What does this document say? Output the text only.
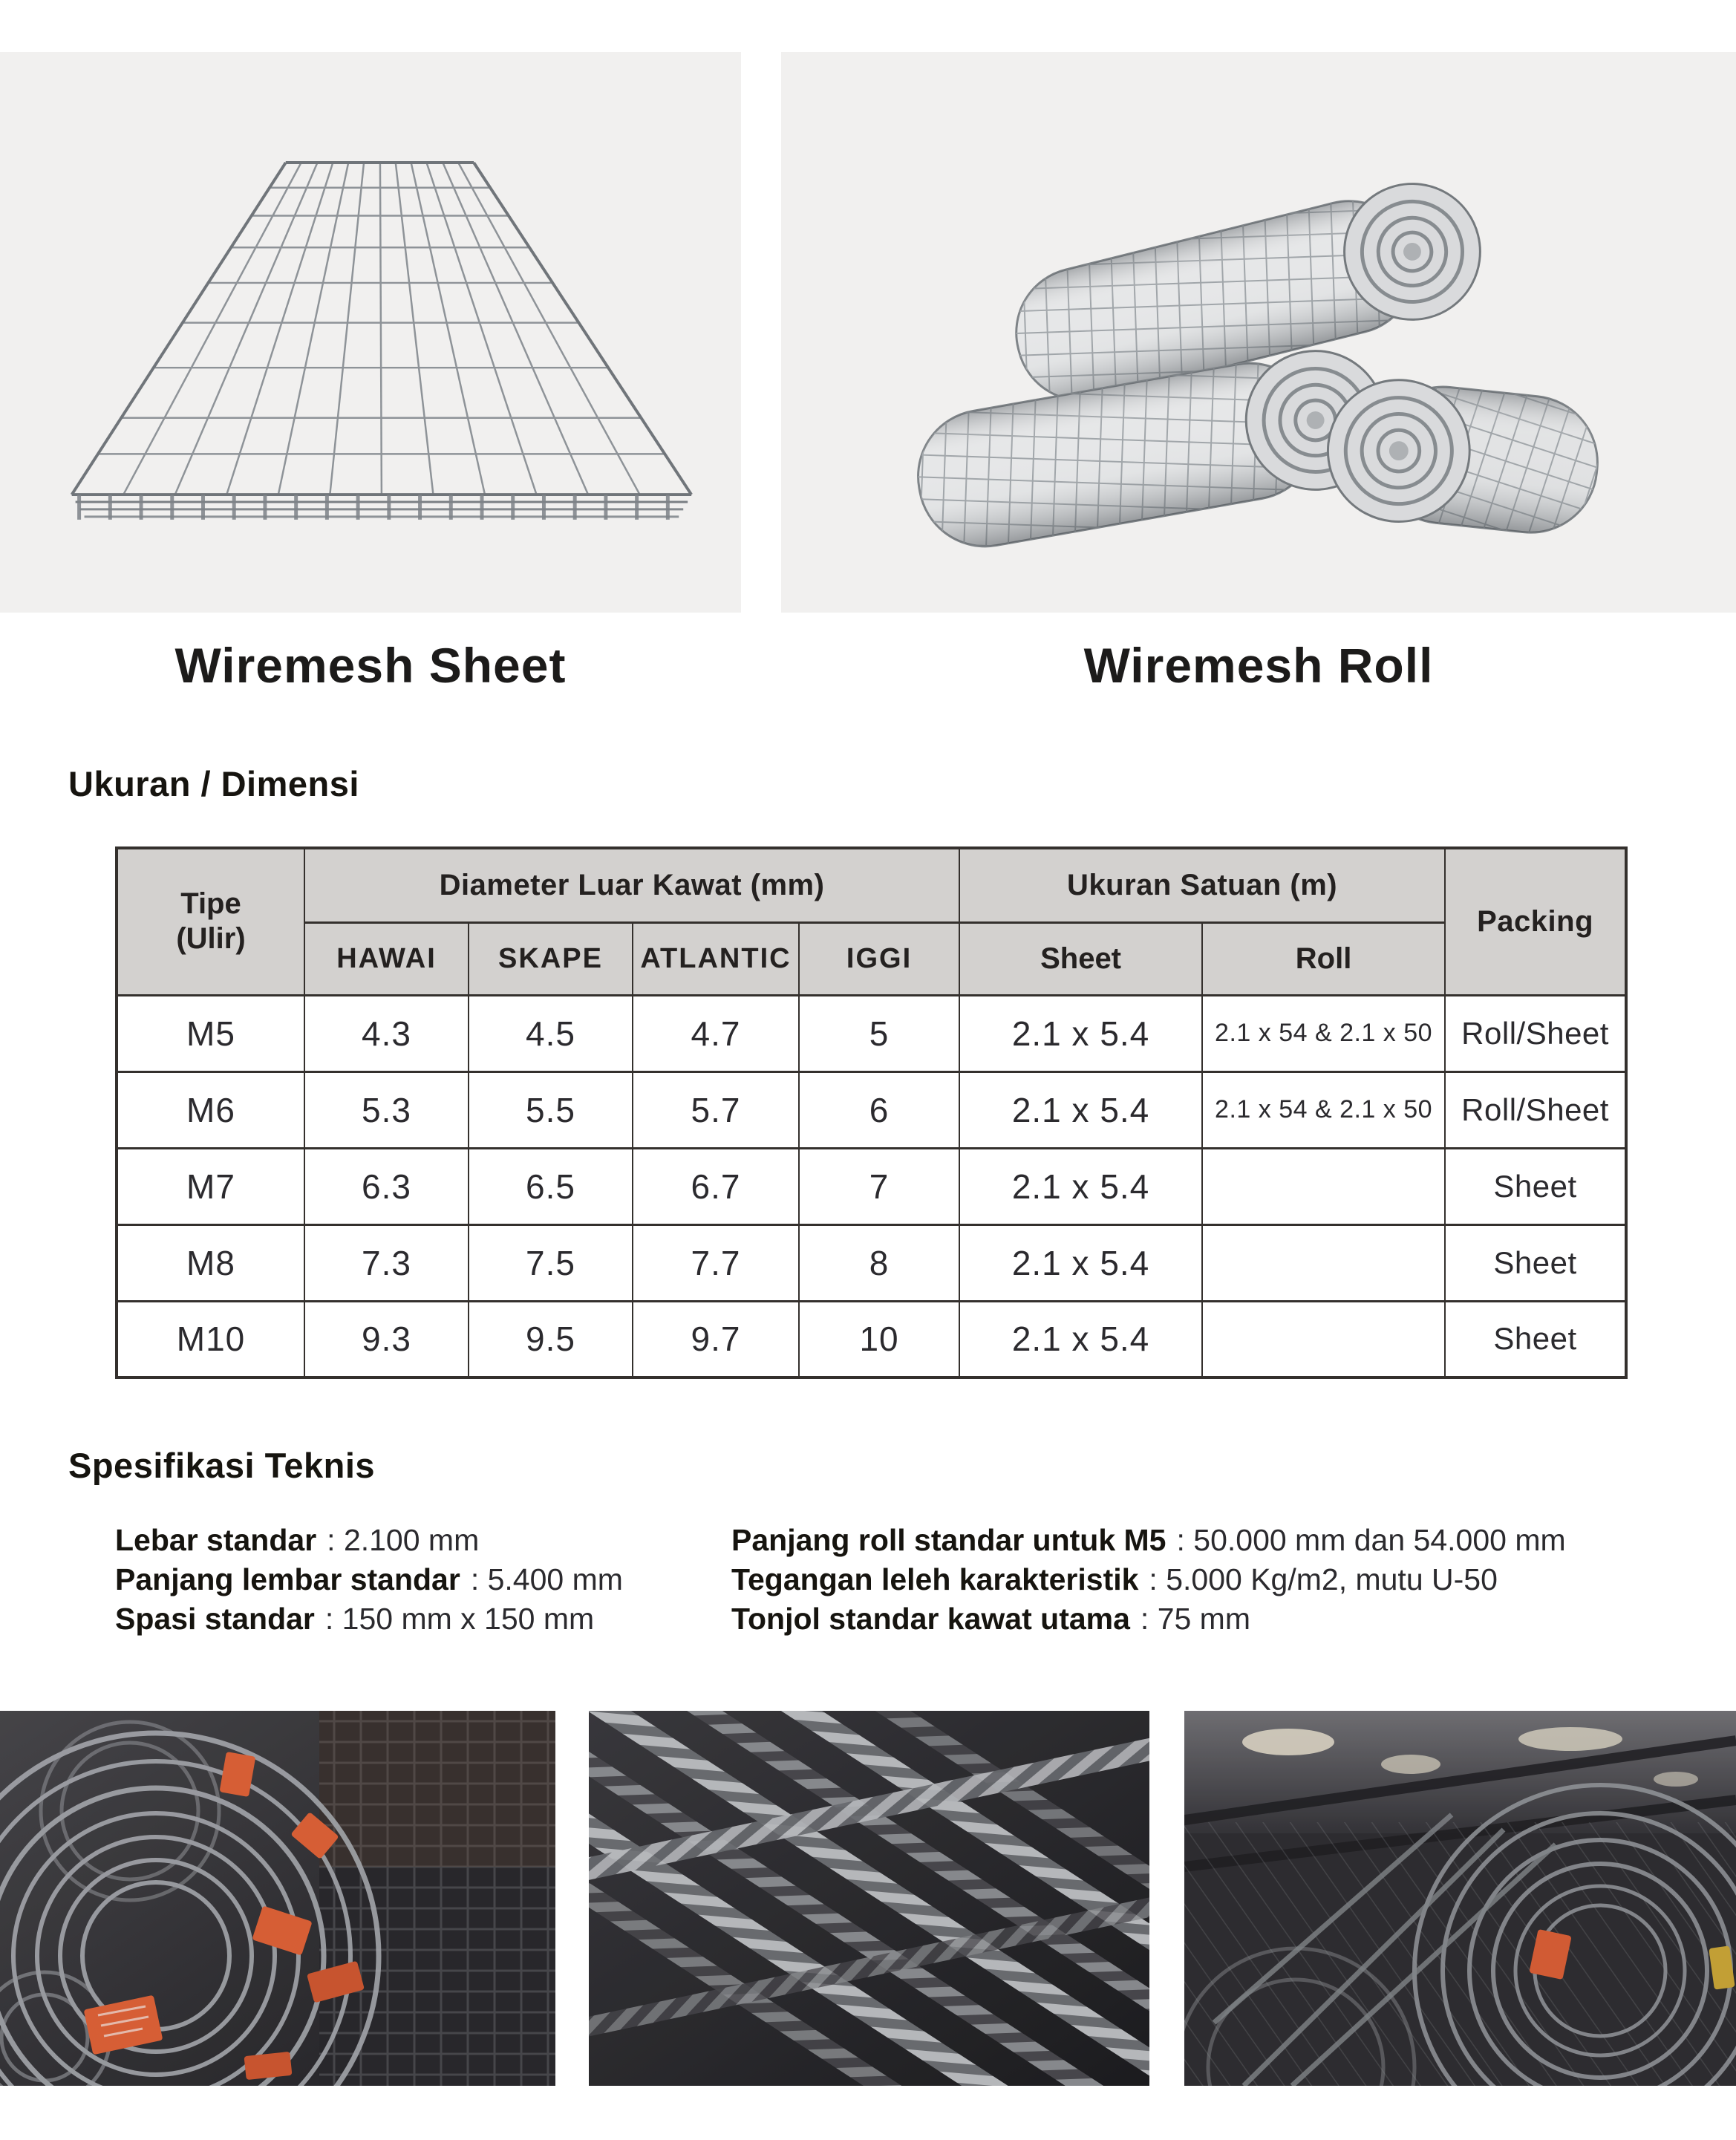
Wiremesh Sheet	Wiremesh Roll
Ukuran / Dimensi
Tipe
(Ulir)	Diameter Luar Kawat (mm)				Ukuran Satuan (m)		Packing
	HAWAI	SKAPE	ATLANTIC	IGGI	Sheet	Roll	
M5	4.3	4.5	4.7	5	2.1 x 5.4	2.1 x 54 & 2.1 x 50	Roll/Sheet
M6	5.3	5.5	5.7	6	2.1 x 5.4	2.1 x 54 & 2.1 x 50	Roll/Sheet
M7	6.3	6.5	6.7	7	2.1 x 5.4		Sheet
M8	7.3	7.5	7.7	8	2.1 x 5.4		Sheet
M10	9.3	9.5	9.7	10	2.1 x 5.4		Sheet
Spesifikasi Teknis
Lebar standar : 2.100 mm
Panjang lembar standar : 5.400 mm
Spasi standar : 150 mm x 150 mm
Panjang roll standar untuk M5 : 50.000 mm dan 54.000 mm
Tegangan leleh karakteristik : 5.000 Kg/m2, mutu U-50
Tonjol standar kawat utama : 75 mm
